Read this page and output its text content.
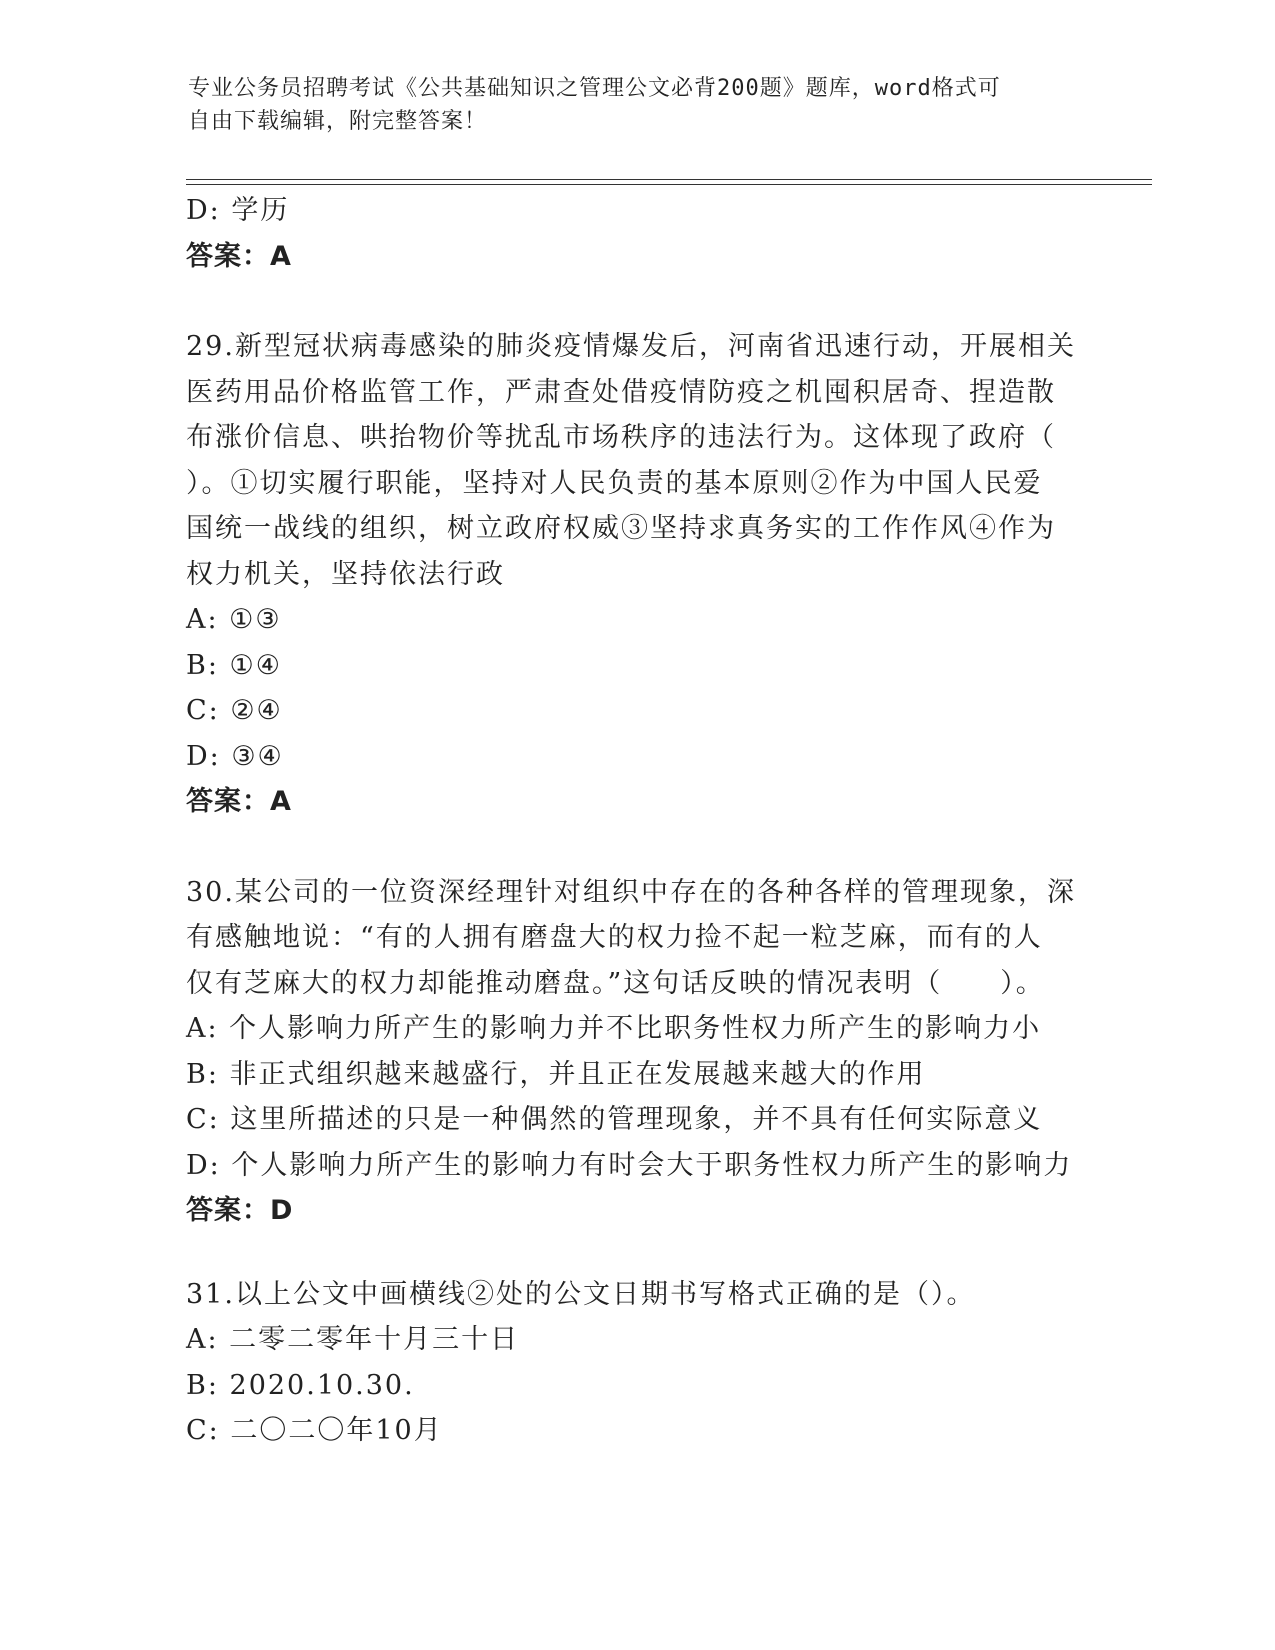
专业公务员招聘考试《公共基础知识之管理公文必背200题》题库，word格式可
自由下载编辑，附完整答案！
D: 学历
答案：A
29.新型冠状病毒感染的肺炎疫情爆发后，河南省迅速行动，开展相关
医药用品价格监管工作，严肃查处借疫情防疫之机囤积居奇、捏造散
布涨价信息、哄抬物价等扰乱市场秩序的违法行为。这体现了政府（
）。①切实履行职能，坚持对人民负责的基本原则②作为中国人民爱
国统一战线的组织，树立政府权威③坚持求真务实的工作作风④作为
权力机关，坚持依法行政
A: ①③
B: ①④
C: ②④
D: ③④
答案：A
30.某公司的一位资深经理针对组织中存在的各种各样的管理现象，深
有感触地说：“有的人拥有磨盘大的权力捡不起一粒芝麻，而有的人
仅有芝麻大的权力却能推动磨盘。”这句话反映的情况表明（　　）。
A: 个人影响力所产生的影响力并不比职务性权力所产生的影响力小
B: 非正式组织越来越盛行，并且正在发展越来越大的作用
C: 这里所描述的只是一种偶然的管理现象，并不具有任何实际意义
D: 个人影响力所产生的影响力有时会大于职务性权力所产生的影响力
答案：D
31.以上公文中画横线②处的公文日期书写格式正确的是（）。
A: 二零二零年十月三十日
B: 2020.10.30.
C: 二〇二〇年10月
